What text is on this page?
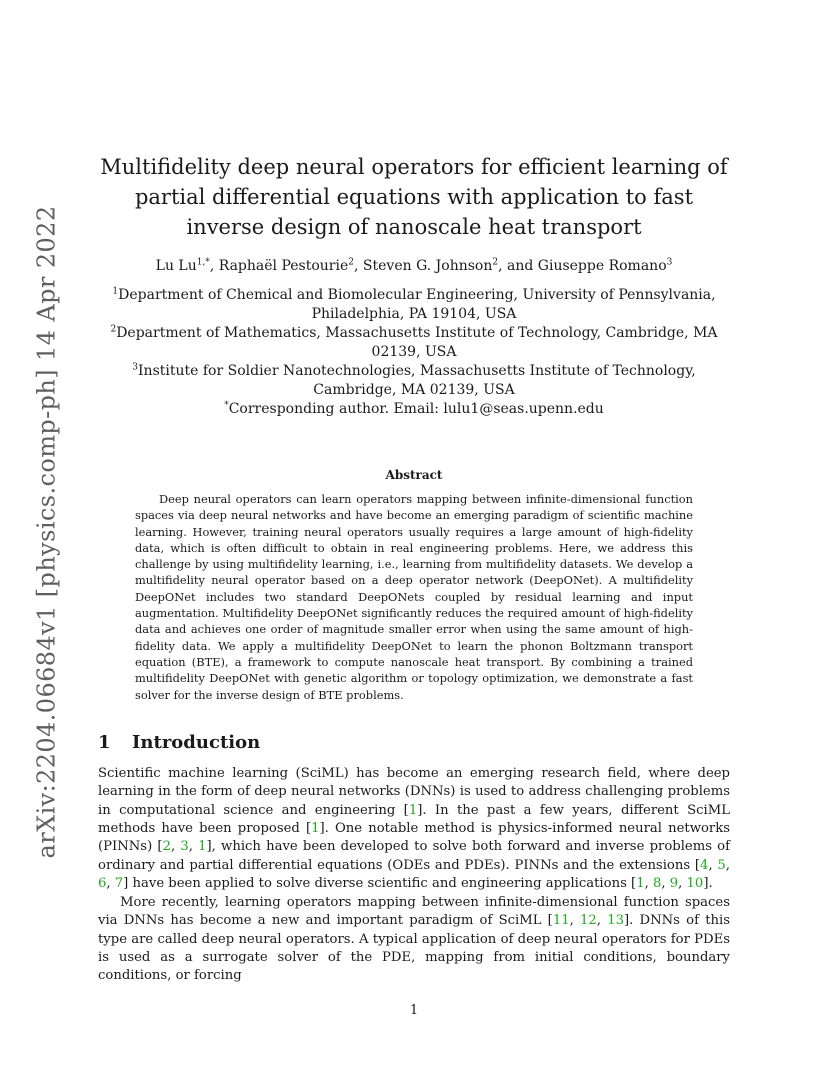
arXiv:2204.06684v1 [physics.comp-ph] 14 Apr 2022
Multifidelity deep neural operators for efficient learning of partial differential equations with application to fast inverse design of nanoscale heat transport
Lu $Lu^{1,*}$, Raphaël Pestourie$^2$, Steven G. Johnson$^2$, and Giuseppe Romano$^3$

$^1$Department of Chemical and Biomolecular Engineering, University of Pennsylvania, Philadelphia, PA 19104, USA

$^2$Department of Mathematics, Massachusetts Institute of Technology, Cambridge, MA 02139, USA

$^3$Institute for Soldier Nanotechnologies, Massachusetts Institute of Technology, Cambridge, MA 02139, USA

*Corresponding author. Email: lulu1@seas.upenn.edu

Abstract

Deep neural operators can learn operators mapping between infinite-dimensional function spaces via deep neural networks and have become an emerging paradigm of scientific machine learning. However, training neural operators usually requires a large amount of high-fidelity data, which is often difficult to obtain in real engineering problems. Here, we address this challenge by using multifidelity learning, i.e., learning from multifidelity datasets. We develop a multifidelity neural operator based on a deep operator network (DeepONet). A multifidelity DeepONet includes two standard DeepONets coupled by residual learning and input augmentation. Multifidelity DeepONet significantly reduces the required amount of high-fidelity data and achieves one order of magnitude smaller error when using the same amount of high-fidelity data. We apply a multifidelity DeepONet to learn the phonon Boltzmann transport equation (BTE), a framework to compute nanoscale heat transport. By combining a trained multifidelity DeepONet with genetic algorithm or topology optimization, we demonstrate a fast solver for the inverse design of BTE problems.

1 Introduction

Scientific machine learning (SciML) has become an emerging research field, where deep learning in the form of deep neural networks (DNNs) is used to address challenging problems in computational science and engineering [1]. In the past a few years, different SciML methods have been proposed [1]. One notable method is physics-informed neural networks (PINNs) [2, 3, 1], which have been developed to solve both forward and inverse problems of ordinary and partial differential equations (ODEs and PDEs). PINNs and the extensions [4, 5, 6, 7] have been applied to solve diverse scientific and engineering applications [1, 8, 9, 10].

More recently, learning operators mapping between infinite-dimensional function spaces via DNNs has become a new and important paradigm of SciML [11, 12, 13]. DNNs of this type are called deep neural operators. A typical application of deep neural operators for PDEs is used as a surrogate solver of the PDE, mapping from initial conditions, boundary conditions, or forcing

1
